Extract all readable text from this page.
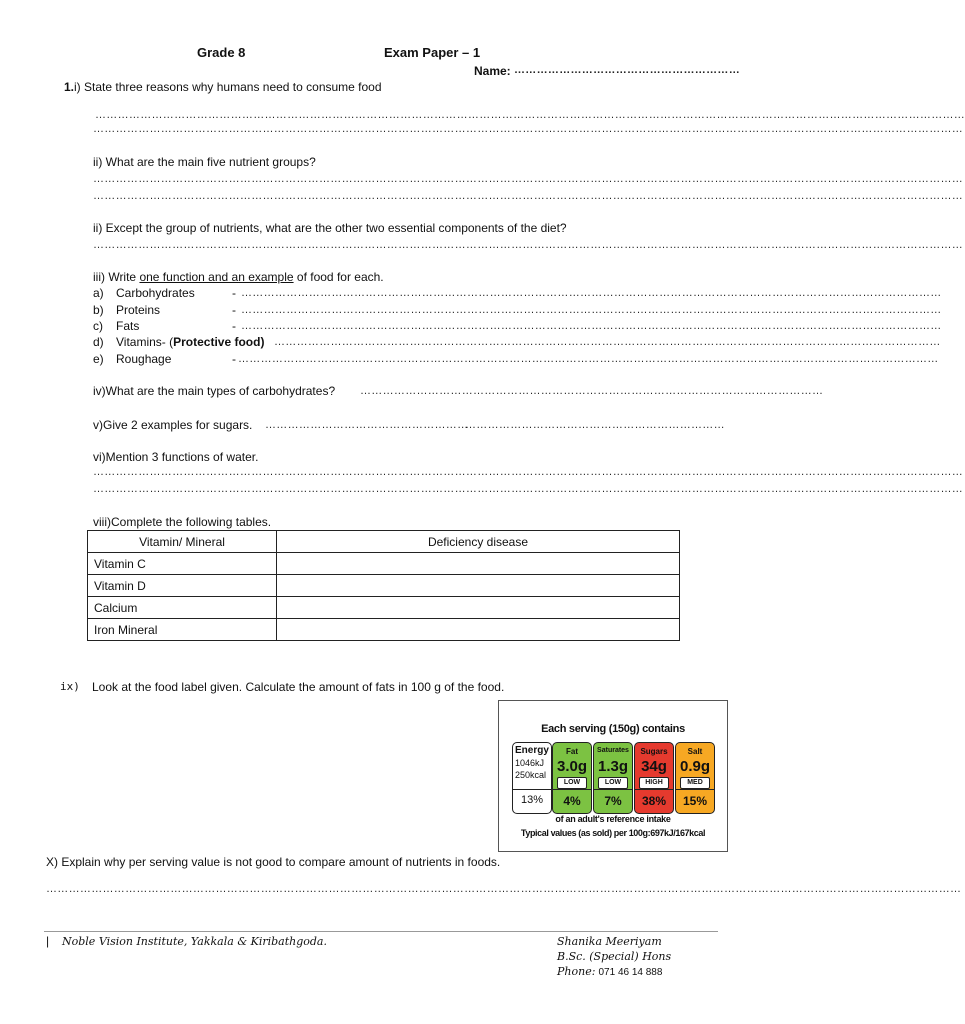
Grade 8	Exam Paper – 1
Name: ……………………………………………………
1.i) State three reasons why humans need to consume food
……………………………………………………………………………………………………………………………………………………………………………………………………………
……………………………………………………………………………………………………………………………………………………………………………………………………………
ii) What are the main five nutrient groups?
……………………………………………………………………………………………………………………………………………………………………………………………………………
……………………………………………………………………………………………………………………………………………………………………………………………………………
ii) Except the group of nutrients, what are the other two essential components of the diet?
……………………………………………………………………………………………………………………………………………………………………………………………………………
iii) Write one function and an example of food for each.
a) Carbohydrates	- ……………………………………………………………………………………………………………………………………………………………………
b) Proteins	- ……………………………………………………………………………………………………………………………………………………………………
c) Fats	- ……………………………………………………………………………………………………………………………………………………………………
d) Vitamins- (Protective food) ……………………………………………………………………………………………………………………………………………………………
e) Roughage	- ……………………………………………………………………………………………………………………………………………………………………
iv)What are the main types of carbohydrates? ……………………………………………………………………………………………………………
v)Give 2 examples for sugars. ………………………………………………
……………………………………………………………
vi)Mention 3 functions of water.
……………………………………………………………………………………………………………………………………………………………………………………………………………
……………………………………………………………………………………………………………………………………………………………………………………………………………
viii)Complete the following tables.
Vitamin/ Mineral	Deficiency disease
Vitamin C	
Vitamin D	
Calcium	
Iron Mineral	
ix) Look at the food label given. Calculate the amount of fats in 100 g of the food.
Each serving (150g) contains
Energy
1046kJ
250kcal
13%
Fat
3.0g
LOW
4%
Saturates
1.3g
LOW
7%
Sugars
34g
HIGH
38%
Salt
0.9g
MED
15%
of an adult's reference intake
Typical values (as sold) per 100g:697kJ/167kcal
X) Explain why per serving value is not good to compare amount of nutrients in foods.
………………………………………………………………………………………………………………………………………………………………………………………………………………………
| Noble Vision Institute, Yakkala & Kiribathgoda.	Shanika Meeriyam
B.Sc. (Special) Hons
Phone: 071 46 14 888
